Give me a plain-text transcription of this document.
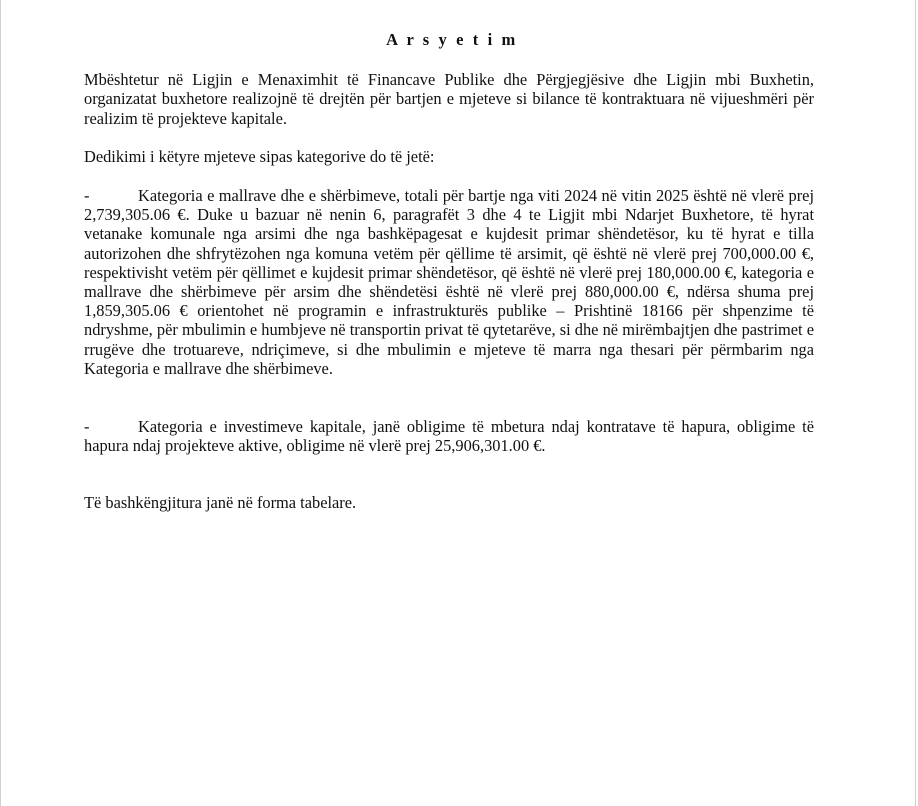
A r s y e t i m

Mbështetur në Ligjin e Menaximhit të Financave Publike dhe Përgjegjësive dhe Ligjin mbi Buxhetin, organizatat buxhetore realizojnë të drejtën për bartjen e mjeteve si bilance të kontraktuara në vijueshmëri për realizim të projekteve kapitale.

Dedikimi i këtyre mjeteve sipas kategorive do të jetë:

-	Kategoria e mallrave dhe e shërbimeve, totali për bartje nga viti 2024 në vitin 2025 është në vlerë prej 2,739,305.06 €. Duke u bazuar në nenin 6, paragrafët 3 dhe 4 te Ligjit mbi Ndarjet Buxhetore, të hyrat vetanake komunale nga arsimi dhe nga bashkëpagesat e kujdesit primar shëndetësor, ku të hyrat e tilla autorizohen dhe shfrytëzohen nga komuna vetëm për qëllime të arsimit, që është në vlerë prej 700,000.00 €, respektivisht vetëm për qëllimet e kujdesit primar shëndetësor, që është në vlerë prej 180,000.00 €, kategoria e mallrave dhe shërbimeve për arsim dhe shëndetësi është në vlerë prej 880,000.00 €, ndërsa shuma prej 1,859,305.06 € orientohet në programin e infrastrukturës publike – Prishtinë 18166 për shpenzime të ndryshme, për mbulimin e humbjeve në transportin privat të qytetarëve, si dhe në mirëmbajtjen dhe pastrimet e rrugëve dhe trotuareve, ndriçimeve, si dhe mbulimin e mjeteve të marra nga thesari për përmbarim nga Kategoria e mallrave dhe shërbimeve.

-	Kategoria e investimeve kapitale, janë obligime të mbetura ndaj kontratave të hapura, obligime të hapura ndaj projekteve aktive, obligime në vlerë prej 25,906,301.00 €.

Të bashkëngjitura janë në forma tabelare.
